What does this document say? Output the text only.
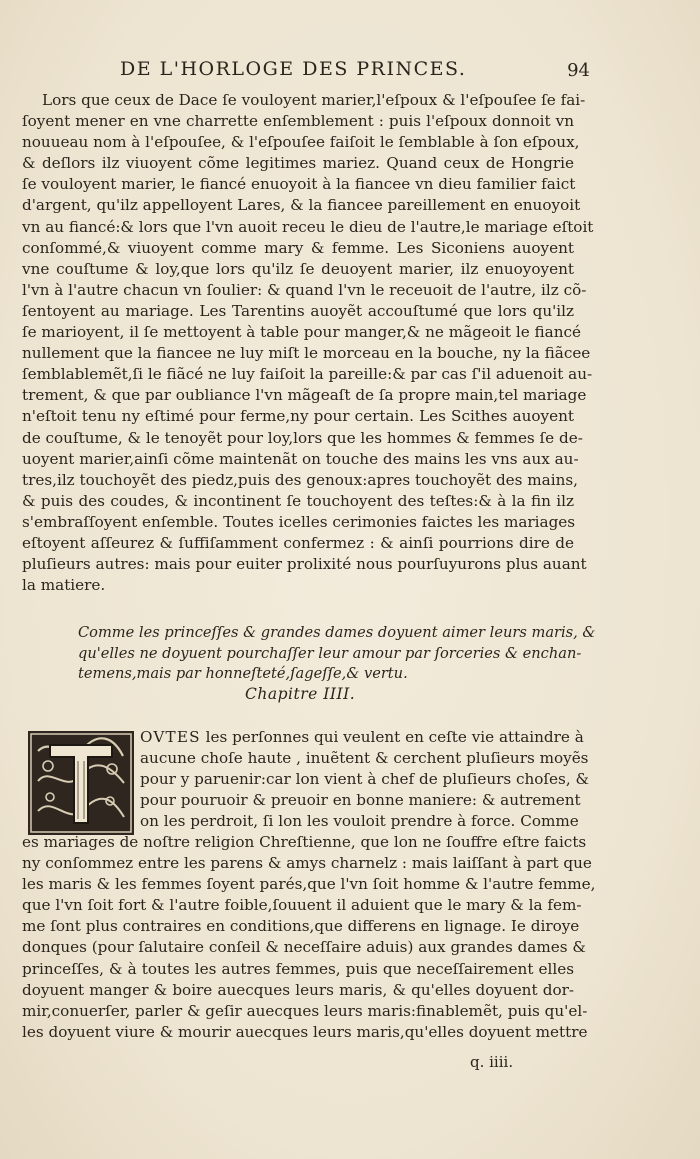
DE L'HORLOGE DES PRINCES.	94
Lors que ceux de Dace ſe vouloyent marier,l'eſpoux & l'eſpouſee ſe fai-
ſoyent mener en vne charrette enſemblement : puis l'eſpoux donnoit vn
nouueau nom à l'eſpouſee, & l'eſpouſee faiſoit le ſemblable à ſon eſpoux,
& deſlors ilz viuoyent cõme legitimes mariez. Quand ceux de Hongrie
ſe vouloyent marier, le fiancé enuoyoit à la fiancee vn dieu familier faict
d'argent, qu'ilz appelloyent Lares, & la fiancee pareillement en enuoyoit
vn au fiancé:& lors que l'vn auoit receu le dieu de l'autre,le mariage eſtoit
conſommé,& viuoyent comme mary & femme. Les Siconiens auoyent
vne couſtume & loy,que lors qu'ilz ſe deuoyent marier, ilz enuoyoyent
l'vn à l'autre chacun vn ſoulier: & quand l'vn le receuoit de l'autre, ilz cõ-
ſentoyent au mariage. Les Tarentins auoyẽt accouſtumé que lors qu'ilz
ſe marioyent, il ſe mettoyent à table pour manger,& ne mãgeoit le fiancé
nullement que la fiancee ne luy miſt le morceau en la bouche, ny la fiãcee
ſemblablemẽt,ſi le fiãcé ne luy faiſoit la pareille:& par cas ſ'il aduenoit au-
trement, & que par oubliance l'vn mãgeaſt de ſa propre main,tel mariage
n'eſtoit tenu ny eſtimé pour ferme,ny pour certain. Les Scithes auoyent
de couſtume, & le tenoyẽt pour loy,lors que les hommes & femmes ſe de-
uoyent marier,ainſi cõme maintenãt on touche des mains les vns aux au-
tres,ilz touchoyẽt des piedz,puis des genoux:apres touchoyẽt des mains,
& puis des coudes, & incontinent ſe touchoyent des teſtes:& à la fin ilz
s'embraſſoyent enſemble. Toutes icelles cerimonies faictes les mariages
eſtoyent aſſeurez & ſuffiſamment confermez : & ainſi pourrions dire de
pluſieurs autres: mais pour euiter prolixité nous pourſuyurons plus auant
la matiere.
Comme les princeſſes & grandes dames doyuent aimer leurs maris, &
qu'elles ne doyuent pourchaſſer leur amour par ſorceries & enchan-
temens,mais par honneſteté,ſageſſe,& vertu.
Chapitre IIII.
OVTES les perſonnes qui veulent en ceſte vie attaindre à
aucune choſe haute , inuẽtent & cerchent pluſieurs moyẽs
pour y paruenir:car lon vient à chef de pluſieurs choſes, &
pour pouruoir & preuoir en bonne maniere: & autrement
on les perdroit, ſi lon les vouloit prendre à force. Comme
es mariages de noſtre religion Chreſtienne, que lon ne ſouffre eſtre faicts
ny conſommez entre les parens & amys charnelz : mais laiſſant à part que
les maris & les femmes ſoyent parés,que l'vn ſoit homme & l'autre femme,
que l'vn ſoit fort & l'autre foible,ſouuent il aduient que le mary & la fem-
me ſont plus contraires en conditions,que differens en lignage. Ie diroye
donques (pour ſalutaire conſeil & neceſſaire aduis) aux grandes dames &
princeſſes, & à toutes les autres femmes, puis que neceſſairement elles
doyuent manger & boire auecques leurs maris, & qu'elles doyuent dor-
mir,conuerſer, parler & geſir auecques leurs maris:finablemẽt, puis qu'el-
les doyuent viure & mourir auecques leurs maris,qu'elles doyuent mettre
q. iiii.
